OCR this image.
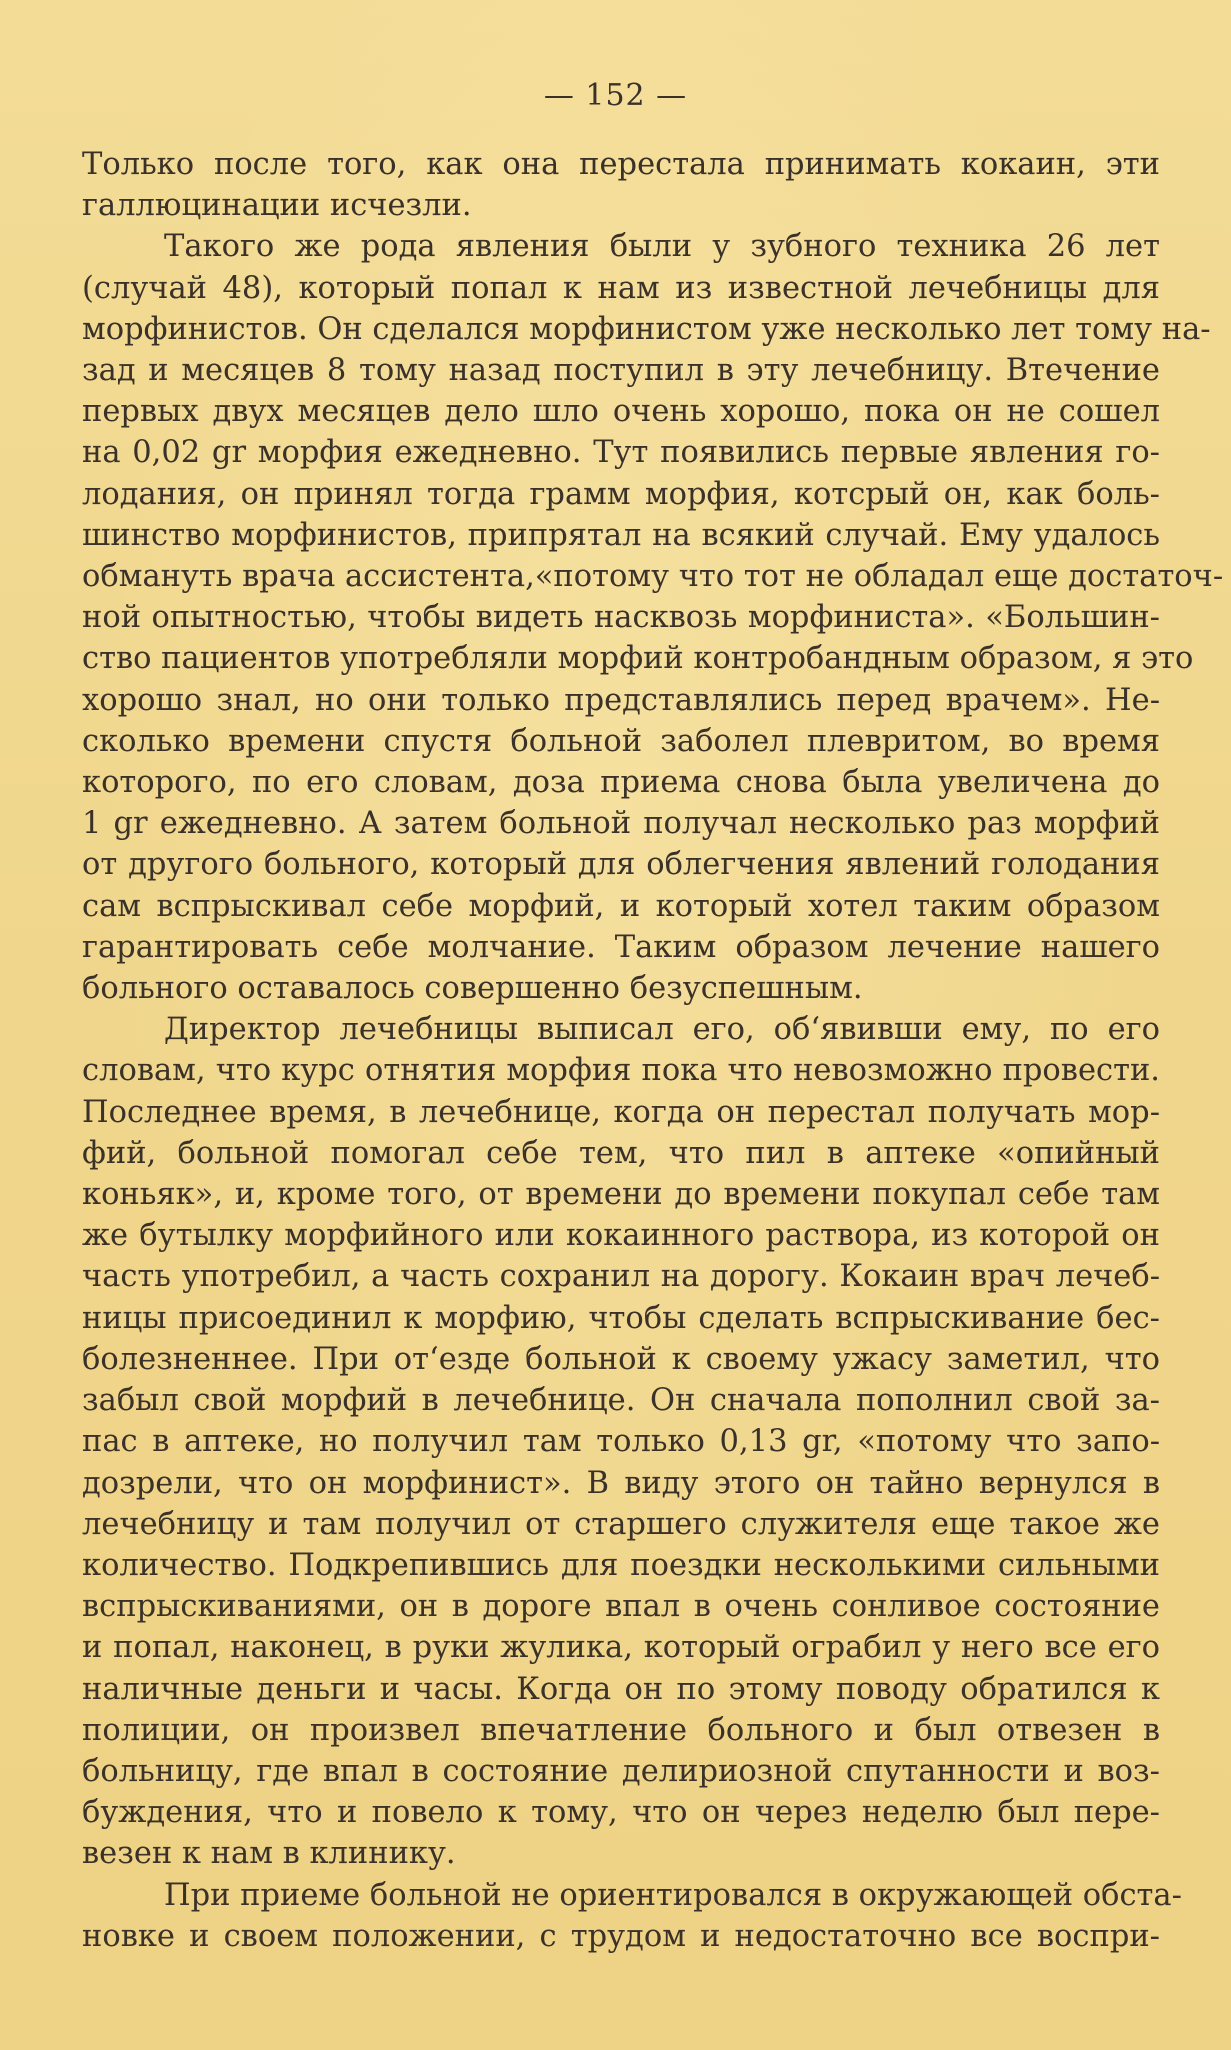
— 152 —
Только после того, как она перестала принимать кокаин, эти
галлюцинации исчезли.
Такого же рода явления были у зубного техника 26 лет
(случай 48), который попал к нам из известной лечебницы для
морфинистов. Он сделался морфинистом уже несколько лет тому на-
зад и месяцев 8 тому назад поступил в эту лечебницу. Втечение
первых двух месяцев дело шло очень хорошо, пока он не сошел
на 0,02 gr морфия ежедневно. Тут появились первые явления го-
лодания, он принял тогда грамм морфия, котсрый он, как боль-
шинство морфинистов, припрятал на всякий случай. Ему удалось
обмануть врача ассистента,«потому что тот не обладал еще достаточ-
ной опытностью, чтобы видеть насквозь морфиниста». «Большин-
ство пациентов употребляли морфий контробандным образом, я это
хорошо знал, но они только представлялись перед врачем». Не-
сколько времени спустя больной заболел плевритом, во время
которого, по его словам, доза приема снова была увеличена до
1 gr ежедневно. А затем больной получал несколько раз морфий
от другого больного, который для облегчения явлений голодания
сам вспрыскивал себе морфий, и который хотел таким образом
гарантировать себе молчание. Таким образом лечение нашего
больного оставалось совершенно безуспешным.
Директор лечебницы выписал его, об‘явивши ему, по его
словам, что курс отнятия морфия пока что невозможно провести.
Последнее время, в лечебнице, когда он перестал получать мор-
фий, больной помогал себе тем, что пил в аптеке «опийный
коньяк», и, кроме того, от времени до времени покупал себе там
же бутылку морфийного или кокаинного раствора, из которой он
часть употребил, а часть сохранил на дорогу. Кокаин врач лечеб-
ницы присоединил к морфию, чтобы сделать вспрыскивание бес-
болезненнее. При от‘езде больной к своему ужасу заметил, что
забыл свой морфий в лечебнице. Он сначала пополнил свой за-
пас в аптеке, но получил там только 0,13 gr, «потому что запо-
дозрели, что он морфинист». В виду этого он тайно вернулся в
лечебницу и там получил от старшего служителя еще такое же
количество. Подкрепившись для поездки несколькими сильными
вспрыскиваниями, он в дороге впал в очень сонливое состояние
и попал, наконец, в руки жулика, который ограбил у него все его
наличные деньги и часы. Когда он по этому поводу обратился к
полиции, он произвел впечатление больного и был отвезен в
больницу, где впал в состояние делириозной спутанности и воз-
буждения, что и повело к тому, что он через неделю был пере-
везен к нам в клинику.
При приеме больной не ориентировался в окружающей обста-
новке и своем положении, с трудом и недостаточно все воспри-
